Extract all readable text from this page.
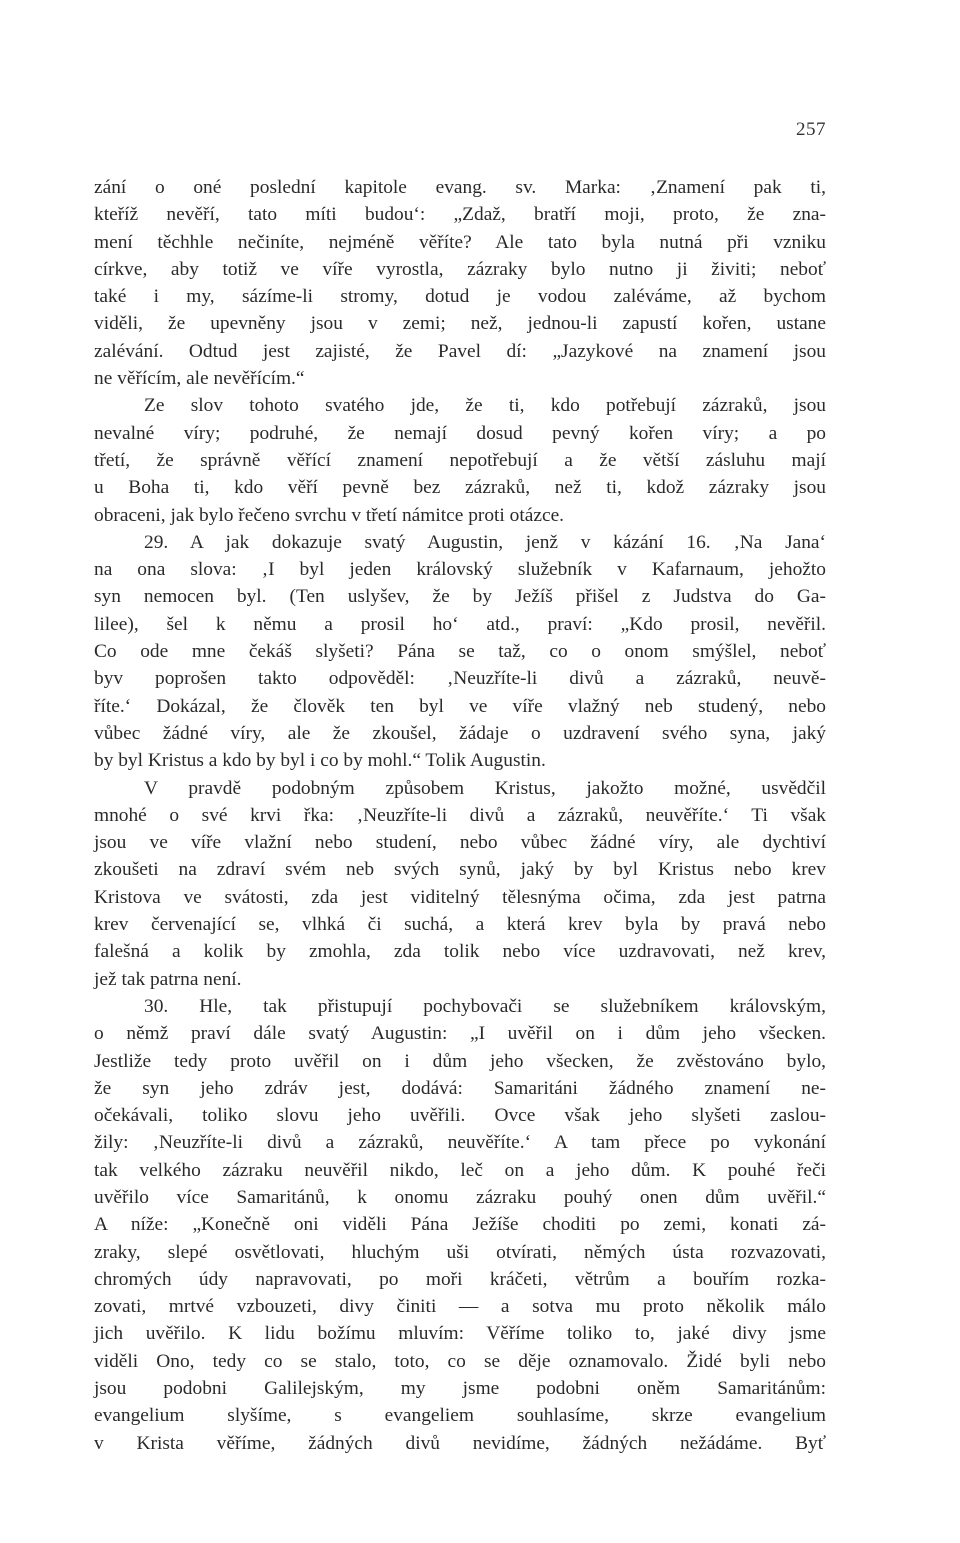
257
zání o oné poslední kapitole evang. sv. Marka: ‚Znamení pak ti,
kteříž nevěří, tato míti budou‘: „Zdaž, bratří moji, proto, že zna-
mení těchhle nečiníte, nejméně věříte? Ale tato byla nutná při vzniku
církve, aby totiž ve víře vyrostla, zázraky bylo nutno ji živiti; neboť
také i my, sázíme-li stromy, dotud je vodou zaléváme, až bychom
viděli, že upevněny jsou v zemi; než, jednou-li zapustí kořen, ustane
zalévání. Odtud jest zajisté, že Pavel dí: „Jazykové na znamení jsou
ne věřícím, ale nevěřícím.“
Ze slov tohoto svatého jde, že ti, kdo potřebují zázraků, jsou
nevalné víry; podruhé, že nemají dosud pevný kořen víry; a po
třetí, že správně věřící znamení nepotřebují a že větší zásluhu mají
u Boha ti, kdo věří pevně bez zázraků, než ti, kdož zázraky jsou
obraceni, jak bylo řečeno svrchu v třetí námitce proti otázce.
29. A jak dokazuje svatý Augustin, jenž v kázání 16. ‚Na Jana‘
na ona slova: ‚I byl jeden královský služebník v Kafarnaum, jehožto
syn nemocen byl. (Ten uslyšev, že by Ježíš přišel z Judstva do Ga-
lilee), šel k němu a prosil ho‘ atd., praví: „Kdo prosil, nevěřil.
Co ode mne čekáš slyšeti? Pána se taž, co o onom smýšlel, neboť
byv poprošen takto odpověděl: ‚Neuzříte-li divů a zázraků, neuvě-
říte.‘ Dokázal, že člověk ten byl ve víře vlažný neb studený, nebo
vůbec žádné víry, ale že zkoušel, žádaje o uzdravení svého syna, jaký
by byl Kristus a kdo by byl i co by mohl.“ Tolik Augustin.
V pravdě podobným způsobem Kristus, jakožto možné, usvědčil
mnohé o své krvi řka: ‚Neuzříte-li divů a zázraků, neuvěříte.‘ Ti však
jsou ve víře vlažní nebo studení, nebo vůbec žádné víry, ale dychtiví
zkoušeti na zdraví svém neb svých synů, jaký by byl Kristus nebo krev
Kristova ve svátosti, zda jest viditelný tělesnýma očima, zda jest patrna
krev červenající se, vlhká či suchá, a která krev byla by pravá nebo
falešná a kolik by zmohla, zda tolik nebo více uzdravovati, než krev,
jež tak patrna není.
30. Hle, tak přistupují pochybovači se služebníkem královským,
o němž praví dále svatý Augustin: „I uvěřil on i dům jeho všecken.
Jestliže tedy proto uvěřil on i dům jeho všecken, že zvěstováno bylo,
že syn jeho zdráv jest, dodává: Samaritáni žádného znamení ne-
očekávali, toliko slovu jeho uvěřili. Ovce však jeho slyšeti zaslou-
žily: ‚Neuzříte-li divů a zázraků, neuvěříte.‘ A tam přece po vykonání
tak velkého zázraku neuvěřil nikdo, leč on a jeho dům. K pouhé řeči
uvěřilo více Samaritánů, k onomu zázraku pouhý onen dům uvěřil.“
A níže: „Konečně oni viděli Pána Ježíše choditi po zemi, konati zá-
zraky, slepé osvětlovati, hluchým uši otvírati, němých ústa rozvazovati,
chromých údy napravovati, po moři kráčeti, větrům a bouřím rozka-
zovati, mrtvé vzbouzeti, divy činiti — a sotva mu proto několik málo
jich uvěřilo. K lidu božímu mluvím: Věříme toliko to, jaké divy jsme
viděli Ono, tedy co se stalo, toto, co se děje oznamovalo. Židé byli nebo
jsou podobni Galilejským, my jsme podobni oněm Samaritánům:
evangelium slyšíme, s evangeliem souhlasíme, skrze evangelium
v Krista věříme, žádných divů nevidíme, žádných nežádáme. Byť
